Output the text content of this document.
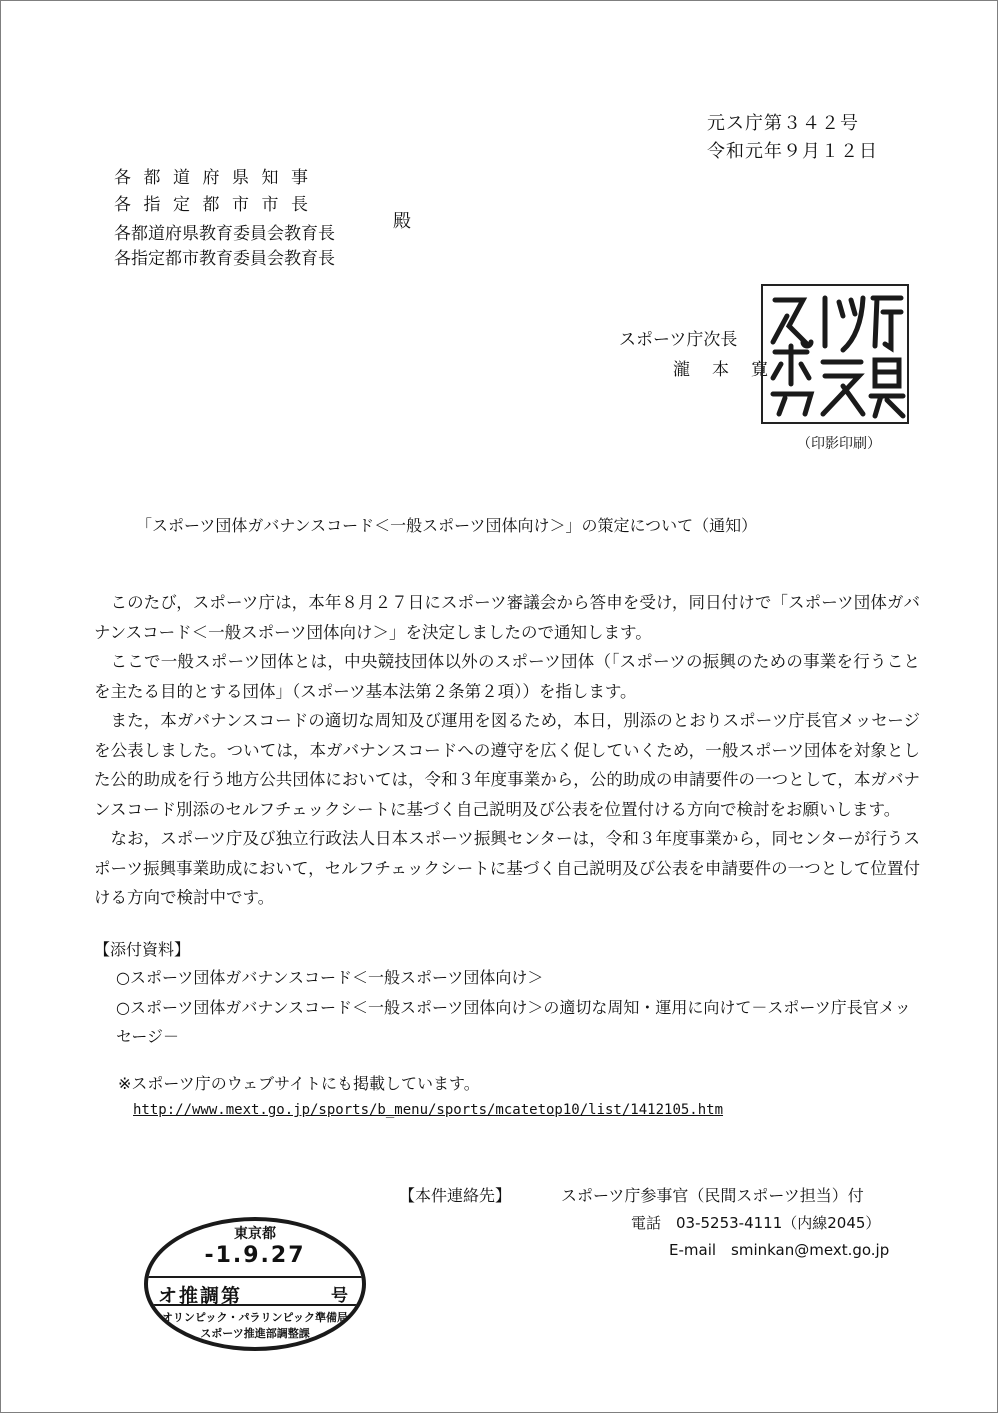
元ス庁第３４２号
令和元年９月１２日
各都道府県知事
各指定都市市長
各都道府県教育委員会教育長
各指定都市教育委員会教育長
殿
スポーツ庁次長
瀧本寛
（印影印刷）
「スポーツ団体ガバナンスコード＜一般スポーツ団体向け＞」の策定について（通知）

このたび，スポーツ庁は，本年８月２７日にスポーツ審議会から答申を受け，同日付けで「スポーツ団体ガバナンスコード＜一般スポーツ団体向け＞」を決定しましたので通知します。

ここで一般スポーツ団体とは，中央競技団体以外のスポーツ団体（「スポーツの振興のための事業を行うことを主たる目的とする団体」（スポーツ基本法第２条第２項））を指します。

また，本ガバナンスコードの適切な周知及び運用を図るため，本日，別添のとおりスポーツ庁長官メッセージを公表しました。ついては，本ガバナンスコードへの遵守を広く促していくため，一般スポーツ団体を対象とした公的助成を行う地方公共団体においては，令和３年度事業から，公的助成の申請要件の一つとして，本ガバナンスコード別添のセルフチェックシートに基づく自己説明及び公表を位置付ける方向で検討をお願いします。

なお，スポーツ庁及び独立行政法人日本スポーツ振興センターは，令和３年度事業から，同センターが行うスポーツ振興事業助成において，セルフチェックシートに基づく自己説明及び公表を申請要件の一つとして位置付ける方向で検討中です。

【添付資料】
○スポーツ団体ガバナンスコード＜一般スポーツ団体向け＞
○スポーツ団体ガバナンスコード＜一般スポーツ団体向け＞の適切な周知・運用に向けて－スポーツ庁長官メッセージ－
※スポーツ庁のウェブサイトにも掲載しています。
http://www.mext.go.jp/sports/b_menu/sports/mcatetop10/list/1412105.htm
【本件連絡先】	スポーツ庁参事官（民間スポーツ担当）付
電話　03-5253-4111（内線2045）
E-mail　sminkan@mext.go.jp
東京都
-1.9.27
オ推調第	号
オリンピック・パラリンピック準備局
スポーツ推進部調整課
